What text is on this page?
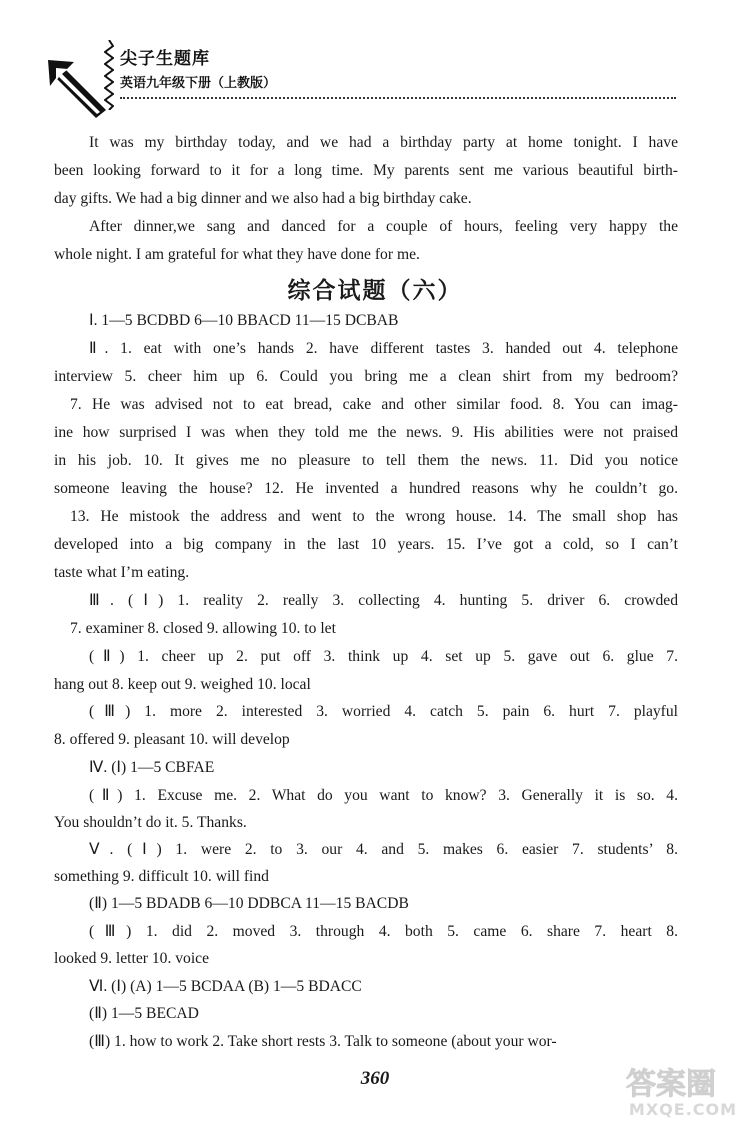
尖子生题库
英语九年级下册（上教版）
It was my birthday today, and we had a birthday party at home tonight. I have
been looking forward to it for a long time. My parents sent me various beautiful birth-
day gifts. We had a big dinner and we also had a big birthday cake.
After dinner,we sang and danced for a couple of hours, feeling very happy the
whole night. I am grateful for what they have done for me.
综合试题（六）
Ⅰ. 1—5 BCDBD 6—10 BBACD 11—15 DCBAB
Ⅱ. 1. eat with one’s hands 2. have different tastes 3. handed out 4. telephone
interview 5. cheer him up 6. Could you bring me a clean shirt from my bedroom?
7. He was advised not to eat bread, cake and other similar food. 8. You can imag-
ine how surprised I was when they told me the news. 9. His abilities were not praised
in his job. 10. It gives me no pleasure to tell them the news. 11. Did you notice
someone leaving the house? 12. He invented a hundred reasons why he couldn’t go.
13. He mistook the address and went to the wrong house. 14. The small shop has
developed into a big company in the last 10 years. 15. I’ve got a cold, so I can’t
taste what I’m eating.
Ⅲ. (Ⅰ) 1. reality 2. really 3. collecting 4. hunting 5. driver 6. crowded
7. examiner 8. closed 9. allowing 10. to let
(Ⅱ) 1. cheer up 2. put off 3. think up 4. set up 5. gave out 6. glue 7.
hang out 8. keep out 9. weighed 10. local
(Ⅲ) 1. more 2. interested 3. worried 4. catch 5. pain 6. hurt 7. playful
8. offered 9. pleasant 10. will develop
Ⅳ. (Ⅰ) 1—5 CBFAE
(Ⅱ) 1. Excuse me. 2. What do you want to know? 3. Generally it is so. 4.
You shouldn’t do it. 5. Thanks.
Ⅴ. (Ⅰ) 1. were 2. to 3. our 4. and 5. makes 6. easier 7. students’ 8.
something 9. difficult 10. will find
(Ⅱ) 1—5 BDADB 6—10 DDBCA 11—15 BACDB
(Ⅲ) 1. did 2. moved 3. through 4. both 5. came 6. share 7. heart 8.
looked 9. letter 10. voice
Ⅵ. (Ⅰ) (A) 1—5 BCDAA (B) 1—5 BDACC
(Ⅱ) 1—5 BECAD
(Ⅲ) 1. how to work 2. Take short rests 3. Talk to someone (about your wor-
360	答案圈
MXQE.COM
